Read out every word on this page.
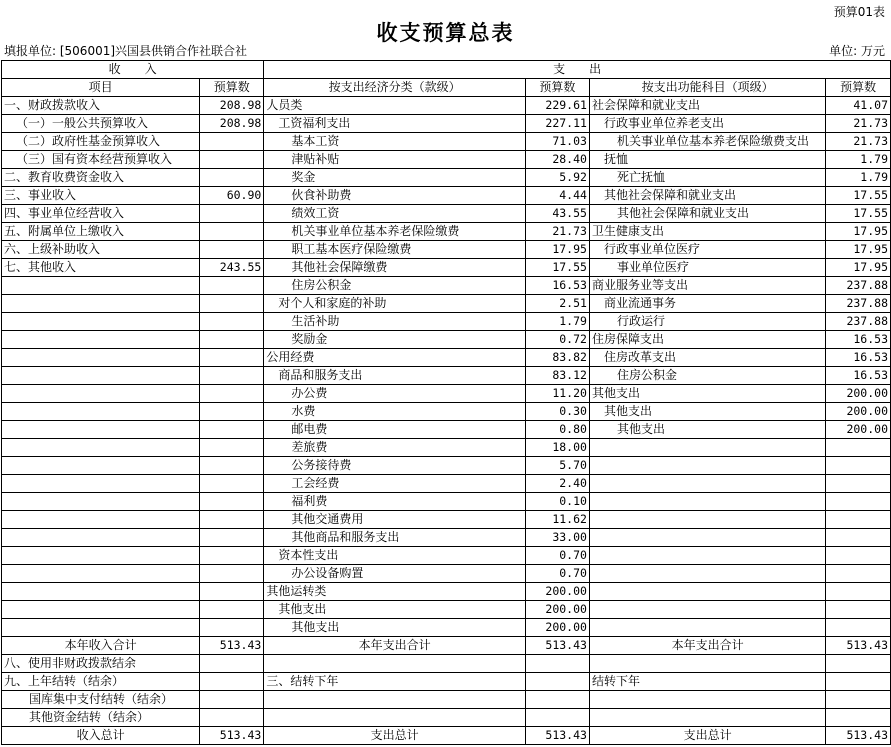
预算01表
收支预算总表
填报单位: [506001]兴国县供销合作社联合社	单位: 万元
收　　入		支　　出			
项目	预算数	按支出经济分类（款级）	预算数	按支出功能科目（项级）	预算数
一、财政拨款收入	208.98	人员类	229.61	社会保障和就业支出	41.07
（一）一般公共预算收入	208.98	工资福利支出	227.11	行政事业单位养老支出	21.73
（二）政府性基金预算收入		基本工资	71.03	机关事业单位基本养老保险缴费支出	21.73
（三）国有资本经营预算收入		津贴补贴	28.40	抚恤	1.79
二、教育收费资金收入		奖金	5.92	死亡抚恤	1.79
三、事业收入	60.90	伙食补助费	4.44	其他社会保障和就业支出	17.55
四、事业单位经营收入		绩效工资	43.55	其他社会保障和就业支出	17.55
五、附属单位上缴收入		机关事业单位基本养老保险缴费	21.73	卫生健康支出	17.95
六、上级补助收入		职工基本医疗保险缴费	17.95	行政事业单位医疗	17.95
七、其他收入	243.55	其他社会保障缴费	17.55	事业单位医疗	17.95
		住房公积金	16.53	商业服务业等支出	237.88
		对个人和家庭的补助	2.51	商业流通事务	237.88
		生活补助	1.79	行政运行	237.88
		奖励金	0.72	住房保障支出	16.53
		公用经费	83.82	住房改革支出	16.53
		商品和服务支出	83.12	住房公积金	16.53
		办公费	11.20	其他支出	200.00
		水费	0.30	其他支出	200.00
		邮电费	0.80	其他支出	200.00
		差旅费	18.00		
		公务接待费	5.70		
		工会经费	2.40		
		福利费	0.10		
		其他交通费用	11.62		
		其他商品和服务支出	33.00		
		资本性支出	0.70		
		办公设备购置	0.70		
		其他运转类	200.00		
		其他支出	200.00		
		其他支出	200.00		
本年收入合计	513.43	本年支出合计	513.43	本年支出合计	513.43
八、使用非财政拨款结余					
九、上年结转（结余）		三、结转下年		结转下年	
国库集中支付结转（结余）					
其他资金结转（结余）					
收入总计	513.43	支出总计	513.43	支出总计	513.43
